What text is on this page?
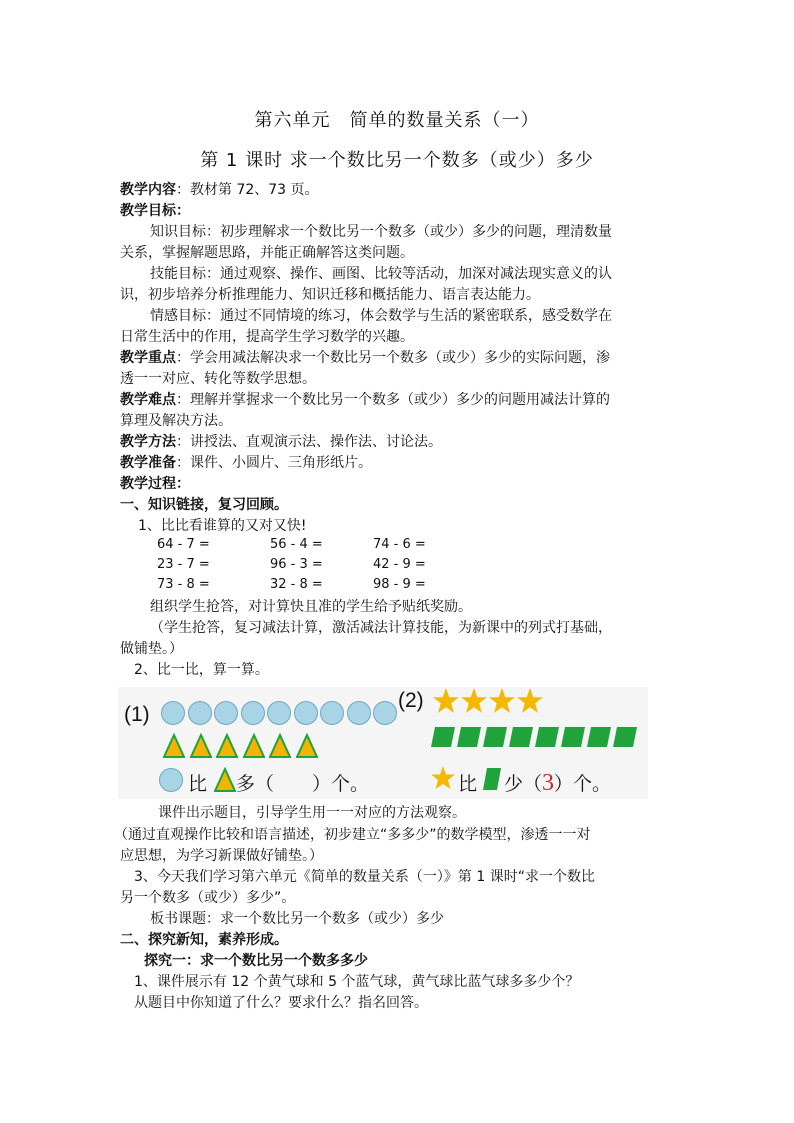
第六单元　简单的数量关系（一）
第 1 课时 求一个数比另一个数多（或少）多少
教学内容：教材第 72、73 页。
教学目标：
知识目标：初步理解求一个数比另一个数多（或少）多少的问题，理清数量
关系，掌握解题思路，并能正确解答这类问题。
技能目标：通过观察、操作、画图、比较等活动，加深对减法现实意义的认
识，初步培养分析推理能力、知识迁移和概括能力、语言表达能力。
情感目标：通过不同情境的练习，体会数学与生活的紧密联系，感受数学在
日常生活中的作用，提高学生学习数学的兴趣。
教学重点：学会用减法解决求一个数比另一个数多（或少）多少的实际问题，渗
透一一对应、转化等数学思想。
教学难点：理解并掌握求一个数比另一个数多（或少）多少的问题用减法计算的
算理及解决方法。
教学方法：讲授法、直观演示法、操作法、讨论法。
教学准备：课件、小圆片、三角形纸片。
教学过程：
一、知识链接，复习回顾。
1、比比看谁算的又对又快!
64 - 7 =	56 - 4 =	74 - 6 =
23 - 7 =	96 - 3 =	42 - 9 =
73 - 8 =	32 - 8 =	98 - 9 =
组织学生抢答，对计算快且准的学生给予贴纸奖励。
（学生抢答，复习减法计算，激活减法计算技能，为新课中的列式打基础，
做铺垫。）
2、比一比，算一算。
(1)
比 多（　　）个。
(2)
比 少（3）个。
课件出示题目，引导学生用一一对应的方法观察。
（通过直观操作比较和语言描述，初步建立“多多少”的数学模型，渗透一一对
应思想，为学习新课做好铺垫。）
3、今天我们学习第六单元《简单的数量关系（一）》第 1 课时“求一个数比
另一个数多（或少）多少”。
板书课题：求一个数比另一个数多（或少）多少
二、探究新知，素养形成。
探究一：求一个数比另一个数多多少
1、课件展示有 12 个黄气球和 5 个蓝气球，黄气球比蓝气球多多少个？
从题目中你知道了什么？要求什么？指名回答。
